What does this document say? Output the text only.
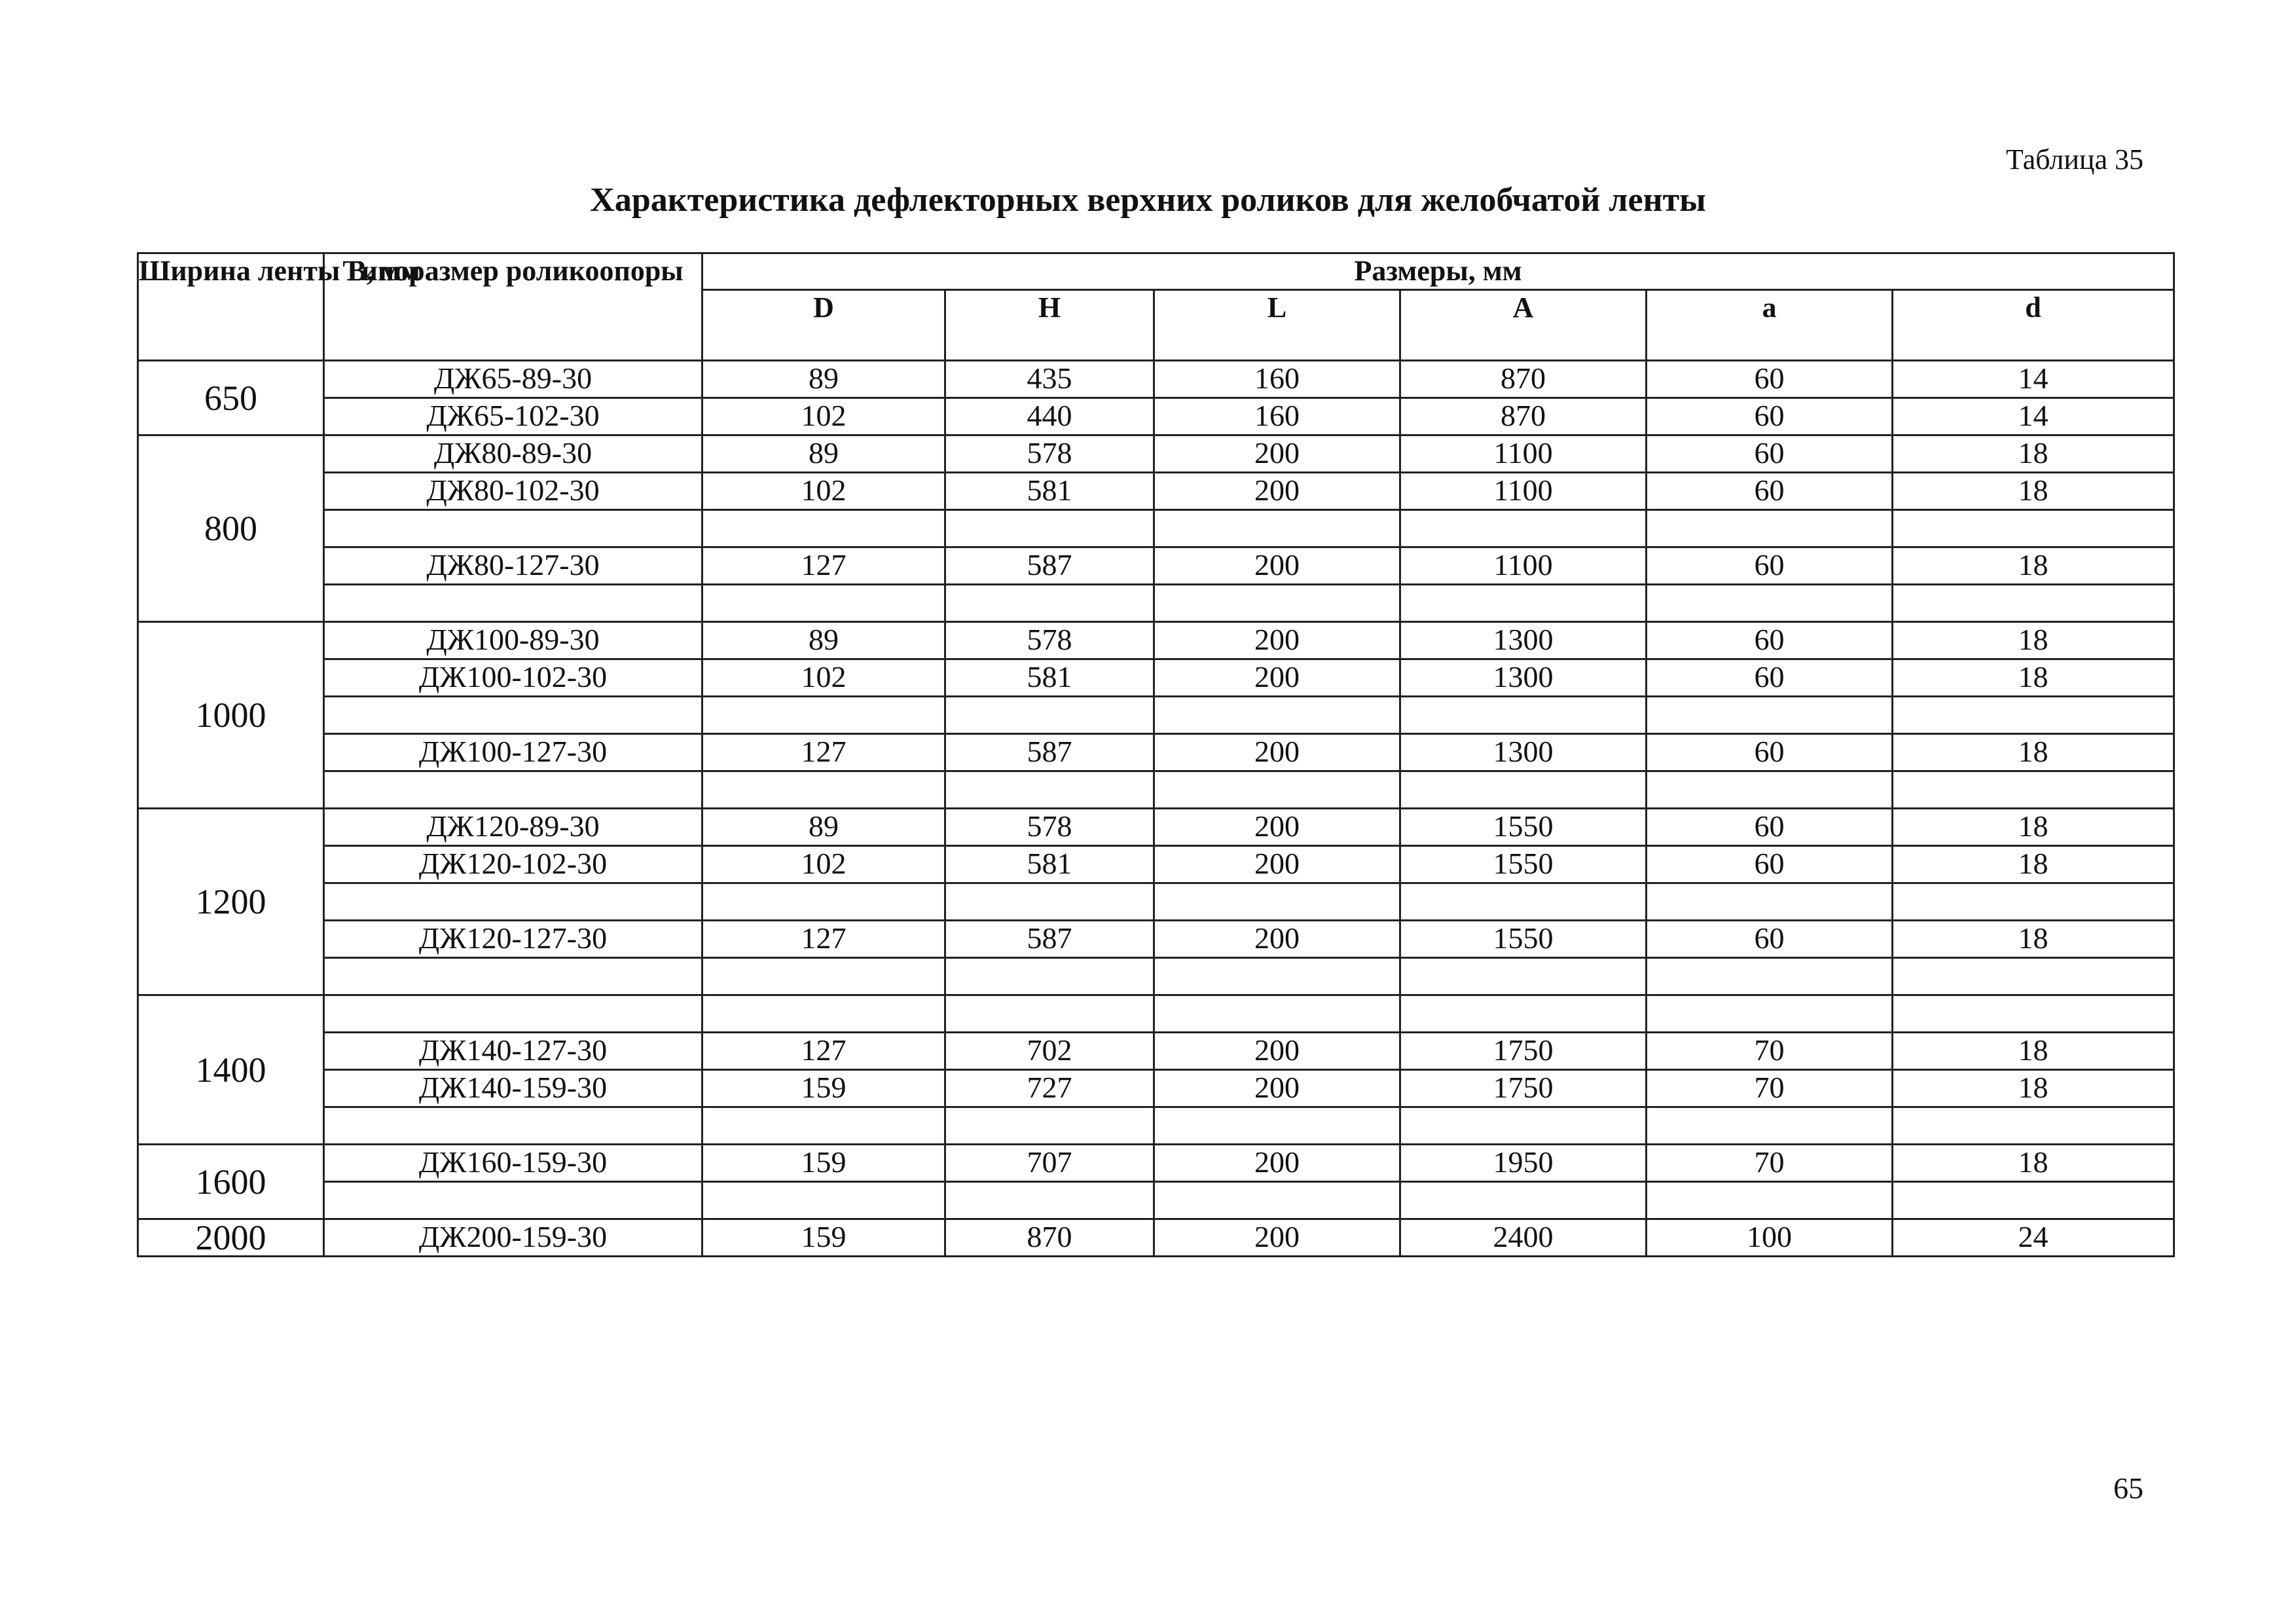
Таблица 35
Характеристика дефлекторных верхних роликов для желобчатой ленты
Ширина ленты В, мм	Типоразмер роликоопоры	Размеры, мм					
		D	H	L	A	a	d
650	ДЖ65-89-30	89	435	160	870	60	14
	ДЖ65-102-30	102	440	160	870	60	14
800	ДЖ80-89-30	89	578	200	1100	60	18
	ДЖ80-102-30	102	581	200	1100	60	18

	ДЖ80-127-30	127	587	200	1100	60	18

1000	ДЖ100-89-30	89	578	200	1300	60	18
	ДЖ100-102-30	102	581	200	1300	60	18

	ДЖ100-127-30	127	587	200	1300	60	18

1200	ДЖ120-89-30	89	578	200	1550	60	18
	ДЖ120-102-30	102	581	200	1550	60	18

	ДЖ120-127-30	127	587	200	1550	60	18

1400							
	ДЖ140-127-30	127	702	200	1750	70	18
	ДЖ140-159-30	159	727	200	1750	70	18

1600	ДЖ160-159-30	159	707	200	1950	70	18

2000	ДЖ200-159-30	159	870	200	2400	100	24
65
